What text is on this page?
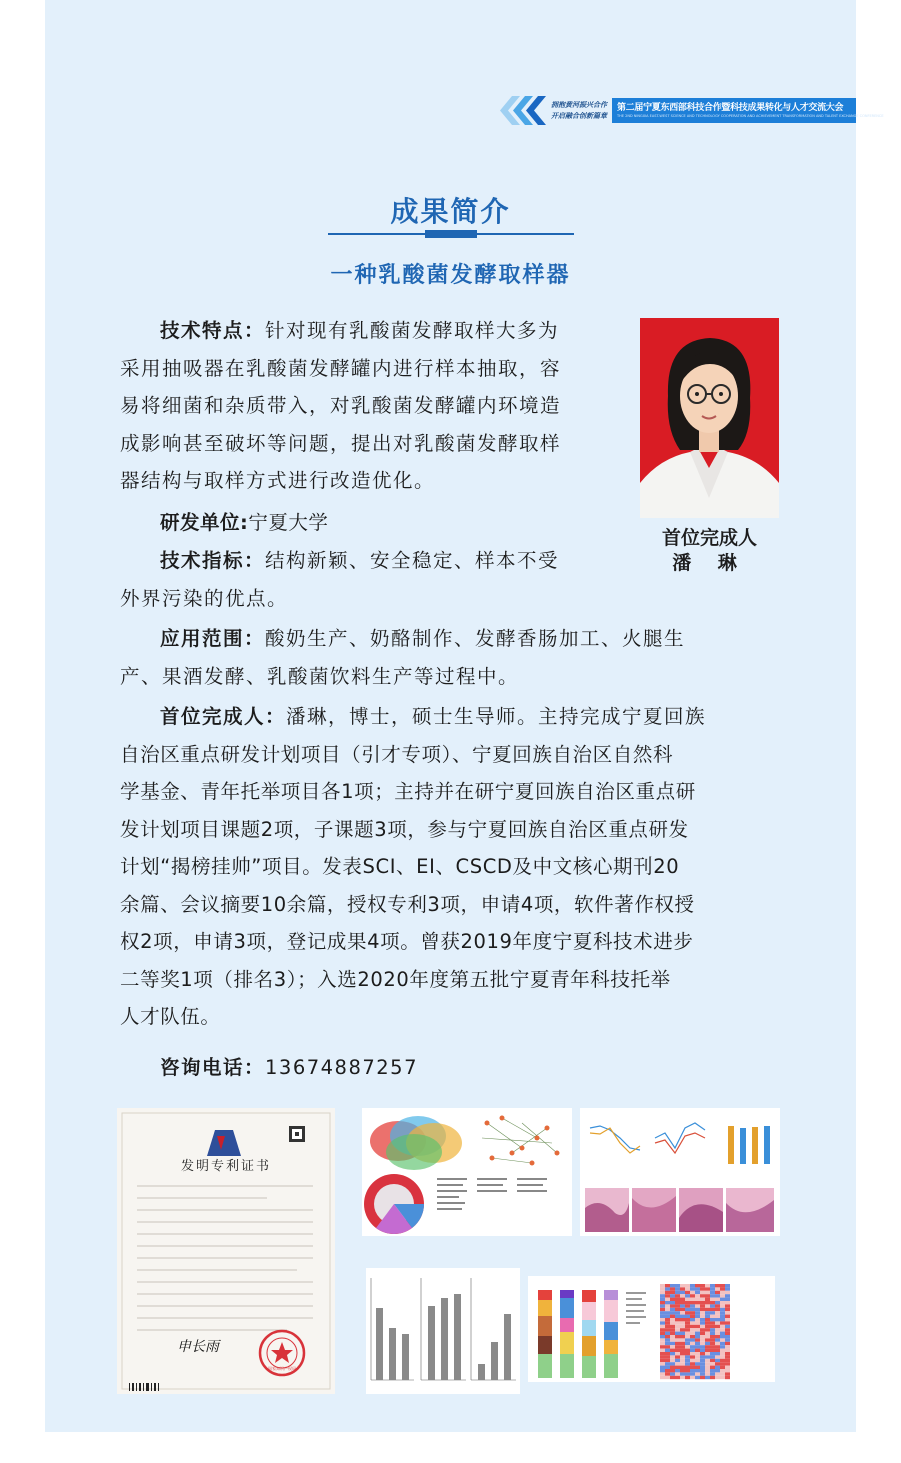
拥抱黄河振兴合作
开启融合创新篇章
第二届宁夏东西部科技合作暨科技成果转化与人才交流大会
THE 2ND NINGXIA EAST-WEST SCIENCE AND TECHNOLOGY COOPERATION AND ACHIEVEMENT TRANSFORMATION AND TALENT EXCHANGE CONFERENCE
成果简介
一种乳酸菌发酵取样器
技术特点：针对现有乳酸菌发酵取样大多为
采用抽吸器在乳酸菌发酵罐内进行样本抽取，容
易将细菌和杂质带入，对乳酸菌发酵罐内环境造
成影响甚至破坏等问题，提出对乳酸菌发酵取样
器结构与取样方式进行改造优化。
研发单位:宁夏大学
技术指标：结构新颖、安全稳定、样本不受
外界污染的优点。
首位完成人
潘 琳
应用范围：酸奶生产、奶酪制作、发酵香肠加工、火腿生
产、果酒发酵、乳酸菌饮料生产等过程中。
首位完成人：潘琳，博士，硕士生导师。主持完成宁夏回族
自治区重点研发计划项目（引才专项）、宁夏回族自治区自然科
学基金、青年托举项目各1项；主持并在研宁夏回族自治区重点研
发计划项目课题2项，子课题3项，参与宁夏回族自治区重点研发
计划“揭榜挂帅”项目。发表SCI、EI、CSCD及中文核心期刊20
余篇、会议摘要10余篇，授权专利3项，申请4项，软件著作权授
权2项，申请3项，登记成果4项。曾获2019年度宁夏科技术进步
二等奖1项（排名3）；入选2020年度第五批宁夏青年科技托举
人才队伍。
咨询电话：13674887257
发明专利证书
申长雨
国家知识产权局
